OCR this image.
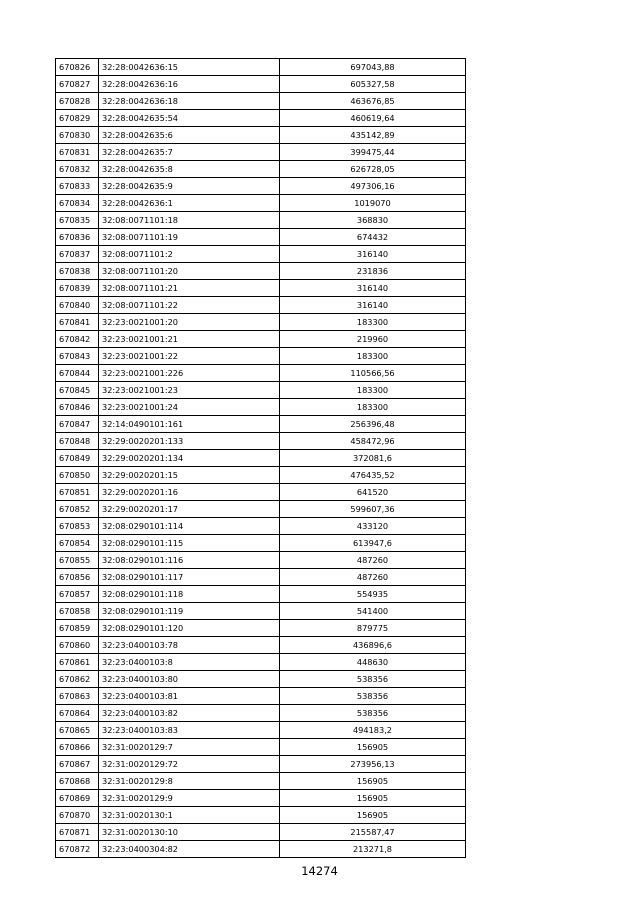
670826	32:28:0042636:15	697043,88
670827	32:28:0042636:16	605327,58
670828	32:28:0042636:18	463676,85
670829	32:28:0042635:54	460619,64
670830	32:28:0042635:6	435142,89
670831	32:28:0042635:7	399475,44
670832	32:28:0042635:8	626728,05
670833	32:28:0042635:9	497306,16
670834	32:28:0042636:1	1019070
670835	32:08:0071101:18	368830
670836	32:08:0071101:19	674432
670837	32:08:0071101:2	316140
670838	32:08:0071101:20	231836
670839	32:08:0071101:21	316140
670840	32:08:0071101:22	316140
670841	32:23:0021001:20	183300
670842	32:23:0021001:21	219960
670843	32:23:0021001:22	183300
670844	32:23:0021001:226	110566,56
670845	32:23:0021001:23	183300
670846	32:23:0021001:24	183300
670847	32:14:0490101:161	256396,48
670848	32:29:0020201:133	458472,96
670849	32:29:0020201:134	372081,6
670850	32:29:0020201:15	476435,52
670851	32:29:0020201:16	641520
670852	32:29:0020201:17	599607,36
670853	32:08:0290101:114	433120
670854	32:08:0290101:115	613947,6
670855	32:08:0290101:116	487260
670856	32:08:0290101:117	487260
670857	32:08:0290101:118	554935
670858	32:08:0290101:119	541400
670859	32:08:0290101:120	879775
670860	32:23:0400103:78	436896,6
670861	32:23:0400103:8	448630
670862	32:23:0400103:80	538356
670863	32:23:0400103:81	538356
670864	32:23:0400103:82	538356
670865	32:23:0400103:83	494183,2
670866	32:31:0020129:7	156905
670867	32:31:0020129:72	273956,13
670868	32:31:0020129:8	156905
670869	32:31:0020129:9	156905
670870	32:31:0020130:1	156905
670871	32:31:0020130:10	215587,47
670872	32:23:0400304:82	213271,8
14274
